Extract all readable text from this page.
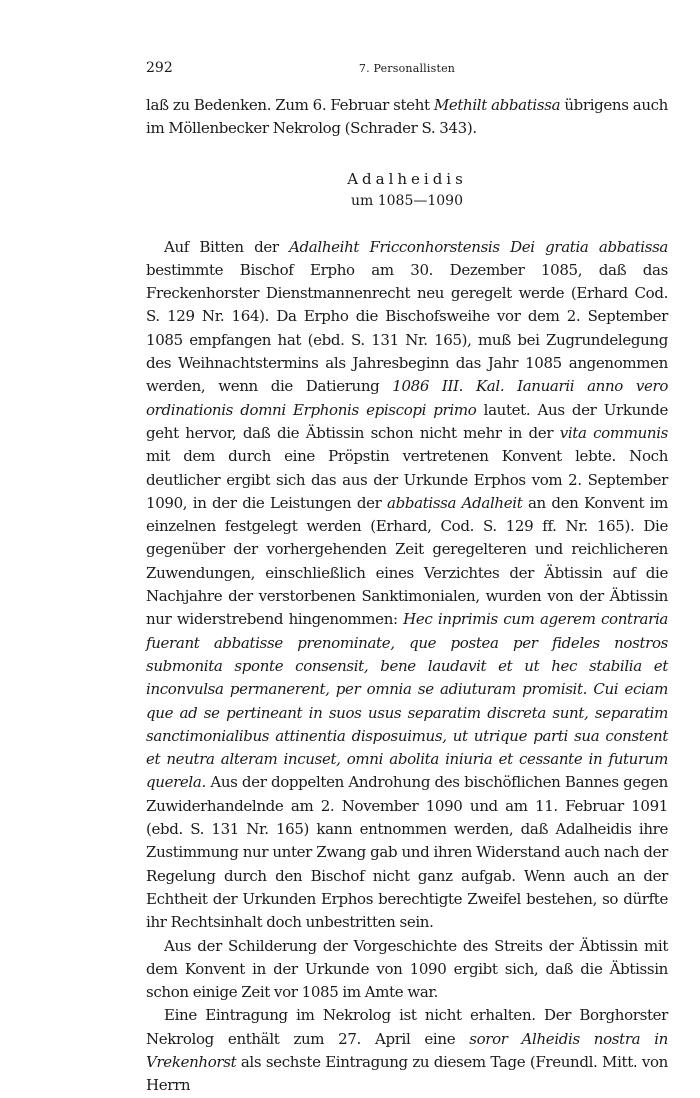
292	7. Personallisten

laß zu Bedenken. Zum 6. Februar steht Methilt abbatissa übrigens auch im Möllenbecker Nekrolog (Schrader S. 343).

Adalheidis
um 1085—1090

Auf Bitten der Adalheiht Fricconhorstensis Dei gratia abbatissa bestimmte Bischof Erpho am 30. Dezember 1085, daß das Freckenhorster Dienstmannenrecht neu geregelt werde (Erhard Cod. S. 129 Nr. 164). Da Erpho die Bischofsweihe vor dem 2. September 1085 empfangen hat (ebd. S. 131 Nr. 165), muß bei Zugrundelegung des Weihnachtstermins als Jahresbeginn das Jahr 1085 angenommen werden, wenn die Datierung 1086 III. Kal. Ianuarii anno vero ordinationis domni Erphonis episcopi primo lautet. Aus der Urkunde geht hervor, daß die Äbtissin schon nicht mehr in der vita communis mit dem durch eine Pröpstin vertretenen Konvent lebte. Noch deutlicher ergibt sich das aus der Urkunde Erphos vom 2. September 1090, in der die Leistungen der abbatissa Adalheit an den Konvent im einzelnen festgelegt werden (Erhard, Cod. S. 129 ff. Nr. 165). Die gegenüber der vorhergehenden Zeit geregelteren und reichlicheren Zuwendungen, einschließlich eines Verzichtes der Äbtissin auf die Nachjahre der verstorbenen Sanktimonialen, wurden von der Äbtissin nur widerstrebend hingenommen: Hec inprimis cum agerem contraria fuerant abbatisse prenominate, que postea per fideles nostros submonita sponte consensit, bene laudavit et ut hec stabilia et inconvulsa permanerent, per omnia se adiuturam promisit. Cui eciam que ad se pertineant in suos usus separatim discreta sunt, separatim sanctimonialibus attinentia disposuimus, ut utrique parti sua constent et neutra alteram incuset, omni abolita iniuria et cessante in futurum querela. Aus der doppelten Androhung des bischöflichen Bannes gegen Zuwiderhandelnde am 2. November 1090 und am 11. Februar 1091 (ebd. S. 131 Nr. 165) kann entnommen werden, daß Adalheidis ihre Zustimmung nur unter Zwang gab und ihren Widerstand auch nach der Regelung durch den Bischof nicht ganz aufgab. Wenn auch an der Echtheit der Urkunden Erphos berechtigte Zweifel bestehen, so dürfte ihr Rechtsinhalt doch unbestritten sein.

Aus der Schilderung der Vorgeschichte des Streits der Äbtissin mit dem Konvent in der Urkunde von 1090 ergibt sich, daß die Äbtissin schon einige Zeit vor 1085 im Amte war.

Eine Eintragung im Nekrolog ist nicht erhalten. Der Borghorster Nekrolog enthält zum 27. April eine soror Alheidis nostra in Vrekenhorst als sechste Eintragung zu diesem Tage (Freundl. Mitt. von Herrn
